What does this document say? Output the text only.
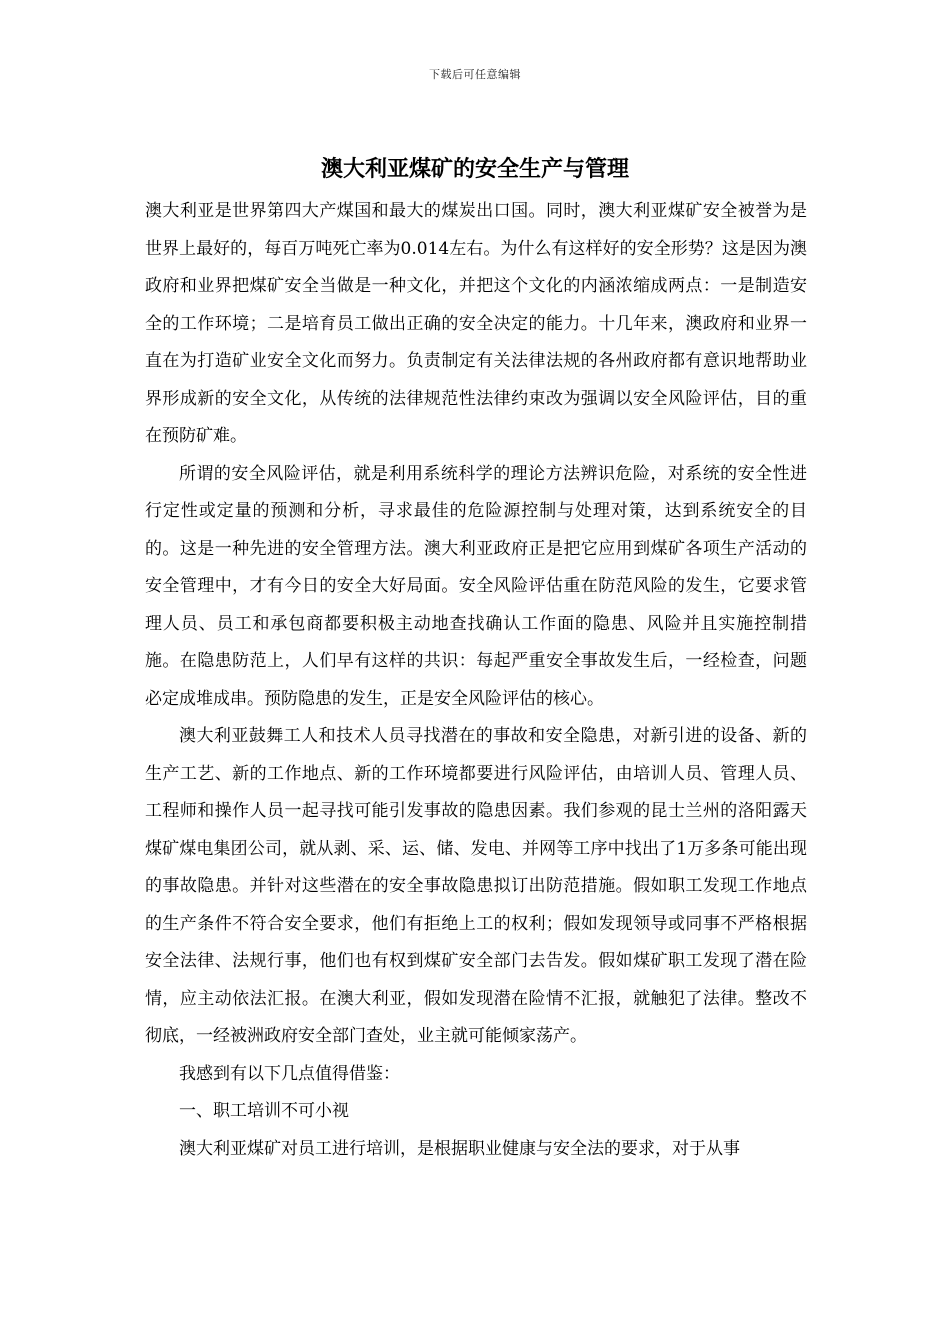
下载后可任意编辑
澳大利亚煤矿的安全生产与管理

澳大利亚是世界第四大产煤国和最大的煤炭出口国。同时，澳大利亚煤矿安全被誉为是世界上最好的，每百万吨死亡率为0.014左右。为什么有这样好的安全形势？这是因为澳政府和业界把煤矿安全当做是一种文化，并把这个文化的内涵浓缩成两点：一是制造安全的工作环境；二是培育员工做出正确的安全决定的能力。十几年来，澳政府和业界一直在为打造矿业安全文化而努力。负责制定有关法律法规的各州政府都有意识地帮助业界形成新的安全文化，从传统的法律规范性法律约束改为强调以安全风险评估，目的重在预防矿难。

所谓的安全风险评估，就是利用系统科学的理论方法辨识危险，对系统的安全性进行定性或定量的预测和分析，寻求最佳的危险源控制与处理对策，达到系统安全的目的。这是一种先进的安全管理方法。澳大利亚政府正是把它应用到煤矿各项生产活动的安全管理中，才有今日的安全大好局面。安全风险评估重在防范风险的发生，它要求管理人员、员工和承包商都要积极主动地查找确认工作面的隐患、风险并且实施控制措施。在隐患防范上，人们早有这样的共识：每起严重安全事故发生后，一经检查，问题必定成堆成串。预防隐患的发生，正是安全风险评估的核心。

澳大利亚鼓舞工人和技术人员寻找潜在的事故和安全隐患，对新引进的设备、新的生产工艺、新的工作地点、新的工作环境都要进行风险评估，由培训人员、管理人员、工程师和操作人员一起寻找可能引发事故的隐患因素。我们参观的昆士兰州的洛阳露天煤矿煤电集团公司，就从剥、采、运、储、发电、并网等工序中找出了1万多条可能出现的事故隐患。并针对这些潜在的安全事故隐患拟订出防范措施。假如职工发现工作地点的生产条件不符合安全要求，他们有拒绝上工的权利；假如发现领导或同事不严格根据安全法律、法规行事，他们也有权到煤矿安全部门去告发。假如煤矿职工发现了潜在险情，应主动依法汇报。在澳大利亚，假如发现潜在险情不汇报，就触犯了法律。整改不彻底，一经被洲政府安全部门查处，业主就可能倾家荡产。

我感到有以下几点值得借鉴：

一、职工培训不可小视

澳大利亚煤矿对员工进行培训，是根据职业健康与安全法的要求，对于从事
